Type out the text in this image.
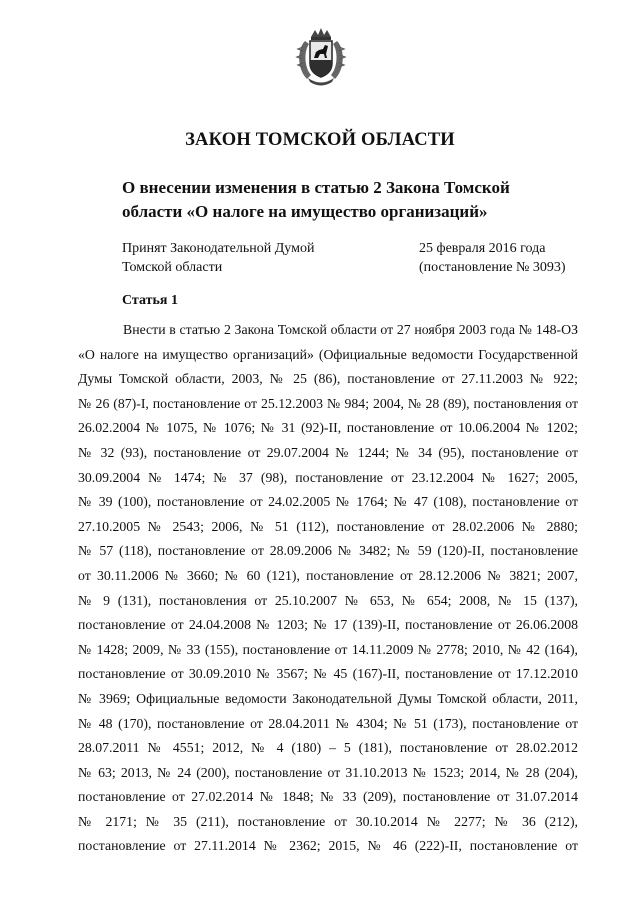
ЗАКОН ТОМСКОЙ ОБЛАСТИ
О внесении изменения в статью 2 Закона Томской
области «О налоге на имущество организаций»
Принят Законодательной Думой
Томской области
25 февраля 2016 года
(постановление № 3093)
Статья 1
Внести в статью 2 Закона Томской области от 27 ноября 2003 года № 148-ОЗ
«О налоге на имущество организаций» (Официальные ведомости Государственной
Думы Томской области, 2003, № 25 (86), постановление от 27.11.2003 № 922;
№ 26 (87)-I, постановление от 25.12.2003 № 984; 2004, № 28 (89), постановления от
26.02.2004 № 1075, № 1076; № 31 (92)-II, постановление от 10.06.2004 № 1202;
№ 32 (93), постановление от 29.07.2004 № 1244; № 34 (95), постановление от
30.09.2004 № 1474; № 37 (98), постановление от 23.12.2004 № 1627; 2005,
№ 39 (100), постановление от 24.02.2005 № 1764; № 47 (108), постановление от
27.10.2005 № 2543; 2006, № 51 (112), постановление от 28.02.2006 № 2880;
№ 57 (118), постановление от 28.09.2006 № 3482; № 59 (120)-II, постановление
от 30.11.2006 № 3660; № 60 (121), постановление от 28.12.2006 № 3821; 2007,
№ 9 (131), постановления от 25.10.2007 № 653, № 654; 2008, № 15 (137),
постановление от 24.04.2008 № 1203; № 17 (139)-II, постановление от 26.06.2008
№ 1428; 2009, № 33 (155), постановление от 14.11.2009 № 2778; 2010, № 42 (164),
постановление от 30.09.2010 № 3567; № 45 (167)-II, постановление от 17.12.2010
№ 3969; Официальные ведомости Законодательной Думы Томской области, 2011,
№ 48 (170), постановление от 28.04.2011 № 4304; № 51 (173), постановление от
28.07.2011 № 4551; 2012, № 4 (180) – 5 (181), постановление от 28.02.2012
№ 63; 2013, № 24 (200), постановление от 31.10.2013 № 1523; 2014, № 28 (204),
постановление от 27.02.2014 № 1848; № 33 (209), постановление от 31.07.2014
№ 2171; № 35 (211), постановление от 30.10.2014 № 2277; № 36 (212),
постановление от 27.11.2014 № 2362; 2015, № 46 (222)-II, постановление от
